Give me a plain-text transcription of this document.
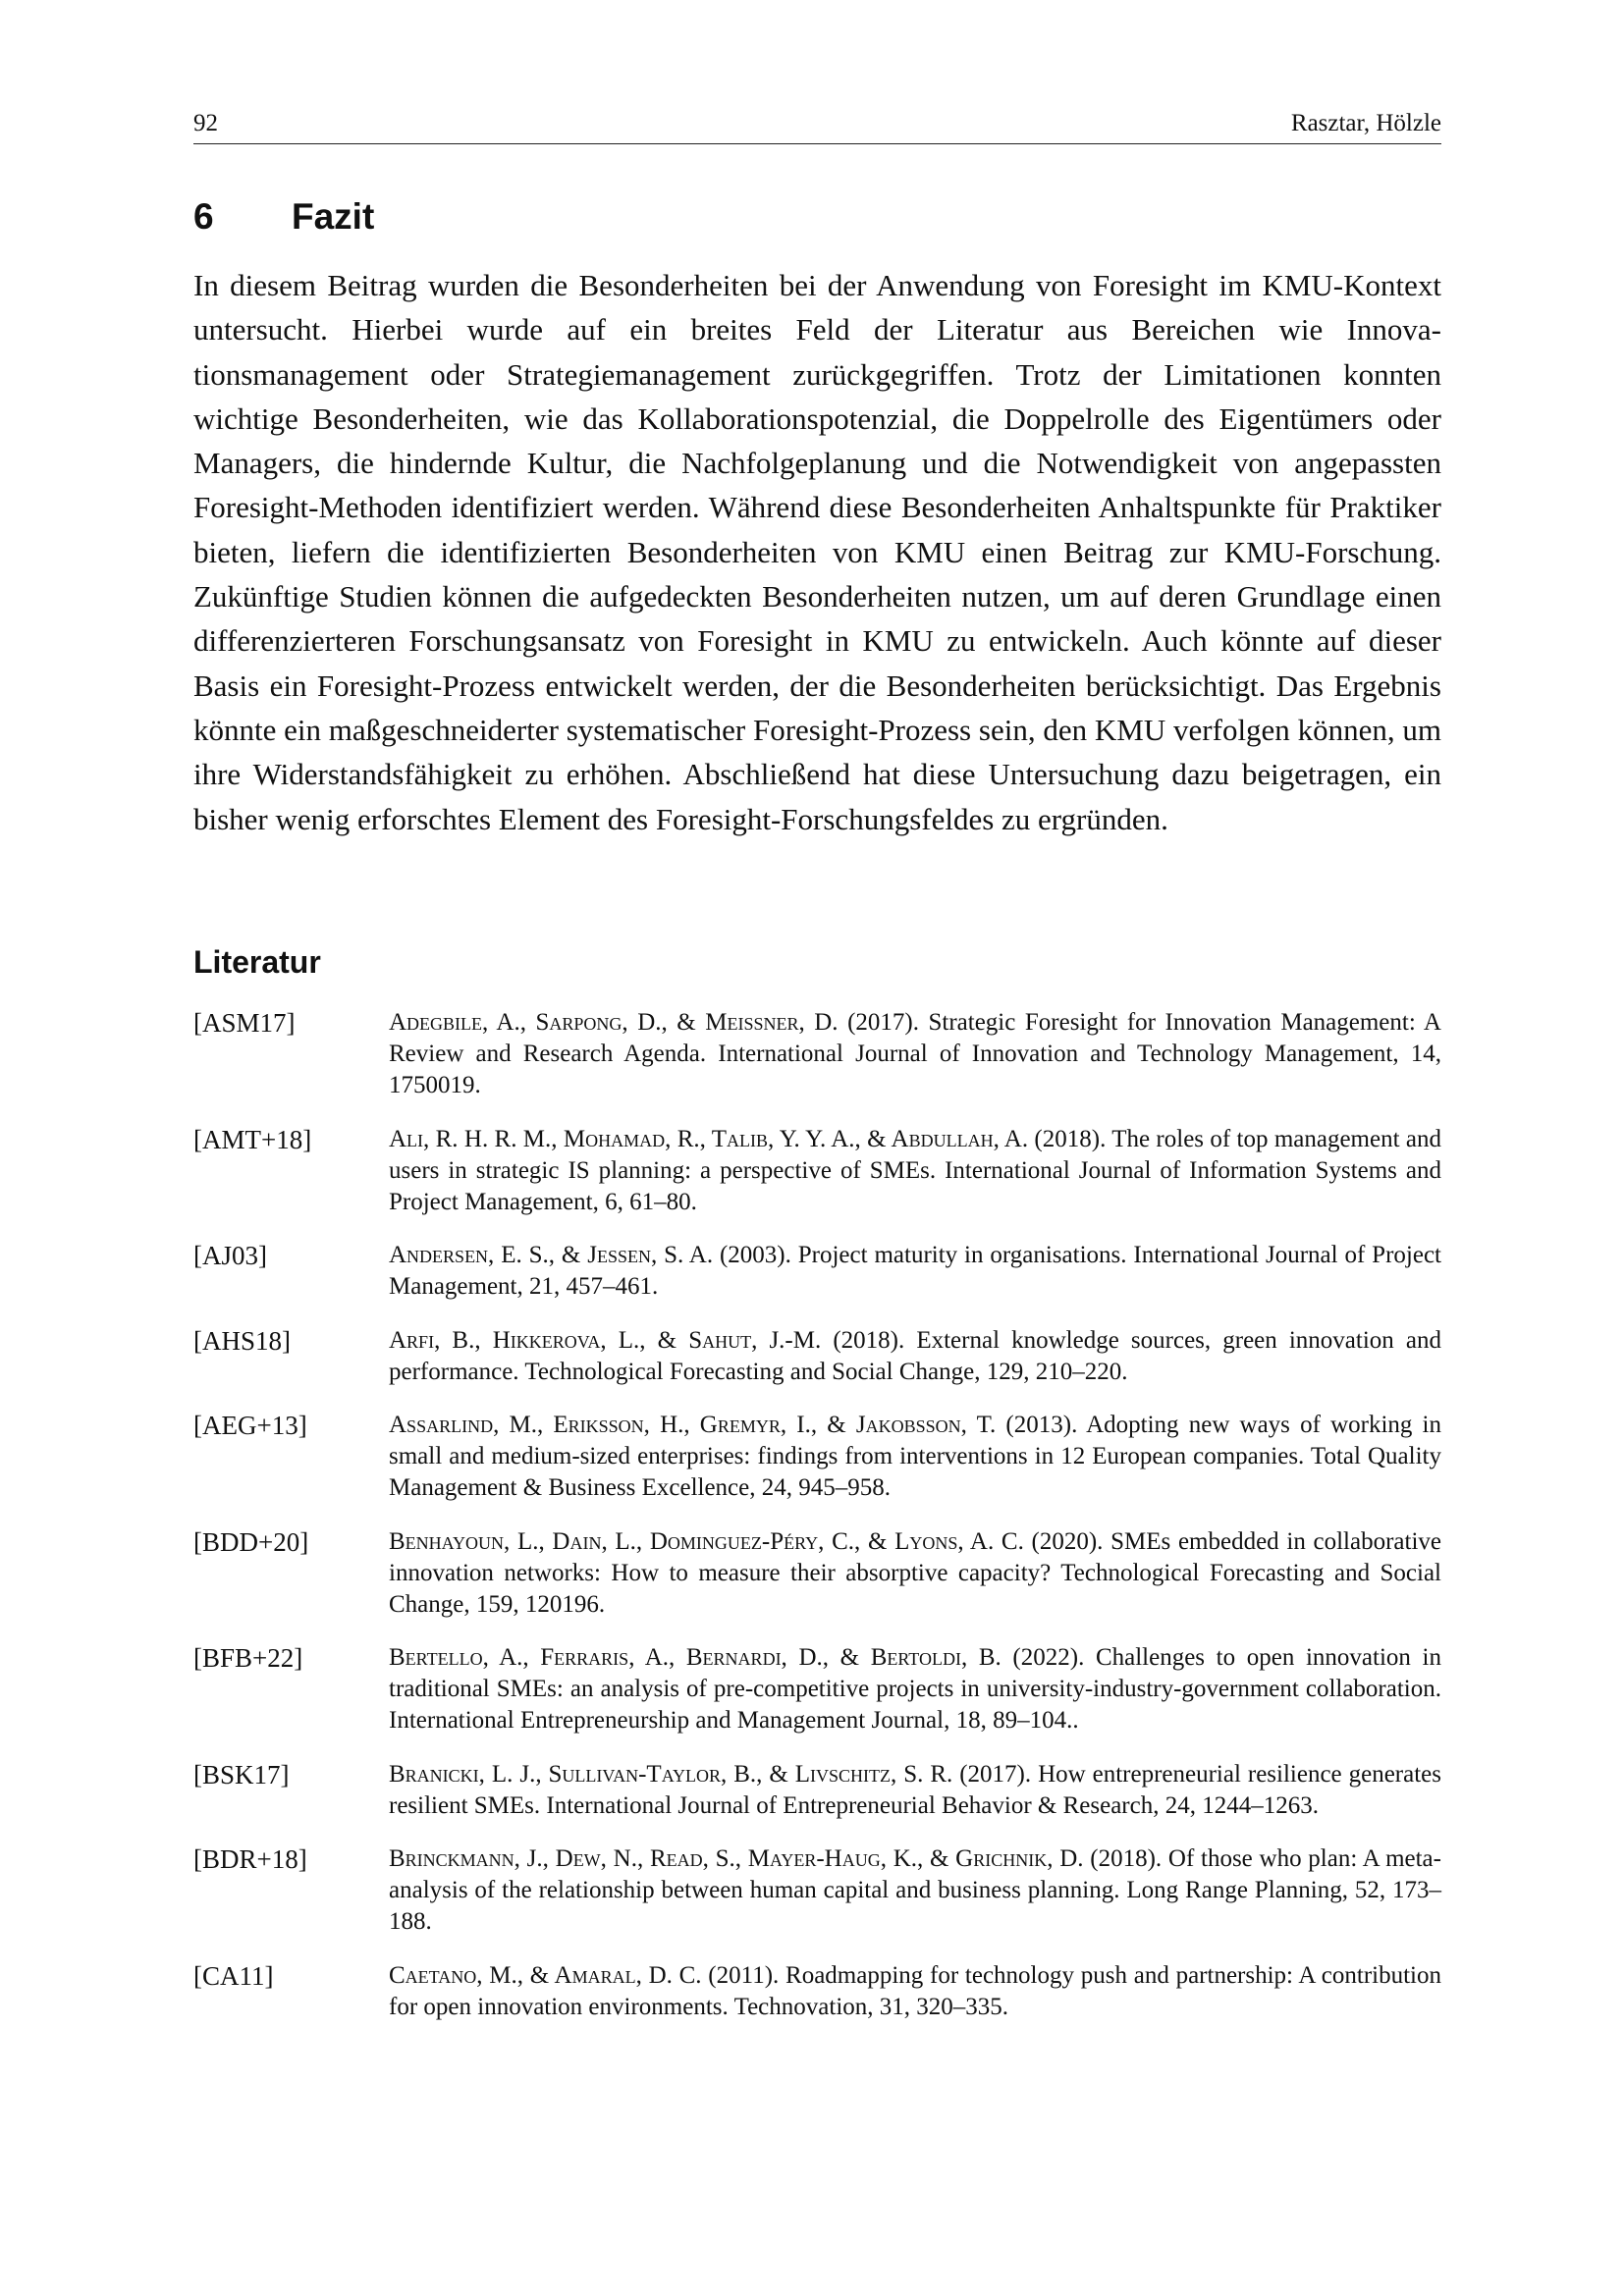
92	Rasztar, Hölzle
6	Fazit

In diesem Beitrag wurden die Besonderheiten bei der Anwendung von Foresight im KMU-Kontext untersucht. Hierbei wurde auf ein breites Feld der Literatur aus Bereichen wie Innovationsmanagement oder Strategiemanagement zurückgegriffen. Trotz der Limitationen konnten wichtige Besonderheiten, wie das Kollaborationspotenzial, die Doppelrolle des Eigentümers oder Managers, die hindernde Kultur, die Nachfolgeplanung und die Notwendigkeit von angepassten Foresight-Methoden identifiziert werden. Während diese Besonderheiten Anhaltspunkte für Praktiker bieten, liefern die identifizierten Besonderheiten von KMU einen Beitrag zur KMU-Forschung. Zukünftige Studien können die aufgedeckten Besonderheiten nutzen, um auf deren Grundlage einen differenzierteren Forschungsansatz von Foresight in KMU zu entwickeln. Auch könnte auf dieser Basis ein Foresight-Prozess entwickelt werden, der die Besonderheiten berücksichtigt. Das Ergebnis könnte ein maßgeschneiderter systematischer Foresight-Prozess sein, den KMU verfolgen können, um ihre Widerstandsfähigkeit zu erhöhen. Abschließend hat diese Untersuchung dazu beigetragen, ein bisher wenig erforschtes Element des Foresight-Forschungsfeldes zu ergründen.

Literatur
[ASM17]	Adegbile, A., Sarpong, D., & Meissner, D. (2017). Strategic Foresight for Innovation Management: A Review and Research Agenda. International Journal of Innovation and Technology Management, 14, 1750019.
[AMT+18]	Ali, R. H. R. M., Mohamad, R., Talib, Y. Y. A., & Abdullah, A. (2018). The roles of top management and users in strategic IS planning: a perspective of SMEs. International Journal of Information Systems and Project Management, 6, 61–80.
[AJ03]	Andersen, E. S., & Jessen, S. A. (2003). Project maturity in organisations. International Journal of Project Management, 21, 457–461.
[AHS18]	Arfi, B., Hikkerova, L., & Sahut, J.-M. (2018). External knowledge sources, green innovation and performance. Technological Forecasting and Social Change, 129, 210–220.
[AEG+13]	Assarlind, M., Eriksson, H., Gremyr, I., & Jakobsson, T. (2013). Adopting new ways of working in small and medium-sized enterprises: findings from interventions in 12 European companies. Total Quality Management & Business Excellence, 24, 945–958.
[BDD+20]	Benhayoun, L., Dain, L., Dominguez-Péry, C., & Lyons, A. C. (2020). SMEs embedded in collaborative innovation networks: How to measure their absorptive capacity? Technological Forecasting and Social Change, 159, 120196.
[BFB+22]	Bertello, A., Ferraris, A., Bernardi, D., & Bertoldi, B. (2022). Challenges to open innovation in traditional SMEs: an analysis of pre-competitive projects in university-industry-government collaboration. International Entrepreneurship and Management Journal, 18, 89–104..
[BSK17]	Branicki, L. J., Sullivan-Taylor, B., & Livschitz, S. R. (2017). How entrepreneurial resilience generates resilient SMEs. International Journal of Entrepreneurial Behavior & Research, 24, 1244–1263.
[BDR+18]	Brinckmann, J., Dew, N., Read, S., Mayer-Haug, K., & Grichnik, D. (2018). Of those who plan: A meta-analysis of the relationship between human capital and business planning. Long Range Planning, 52, 173–188.
[CA11]	Caetano, M., & Amaral, D. C. (2011). Roadmapping for technology push and partnership: A contribution for open innovation environments. Technovation, 31, 320–335.
